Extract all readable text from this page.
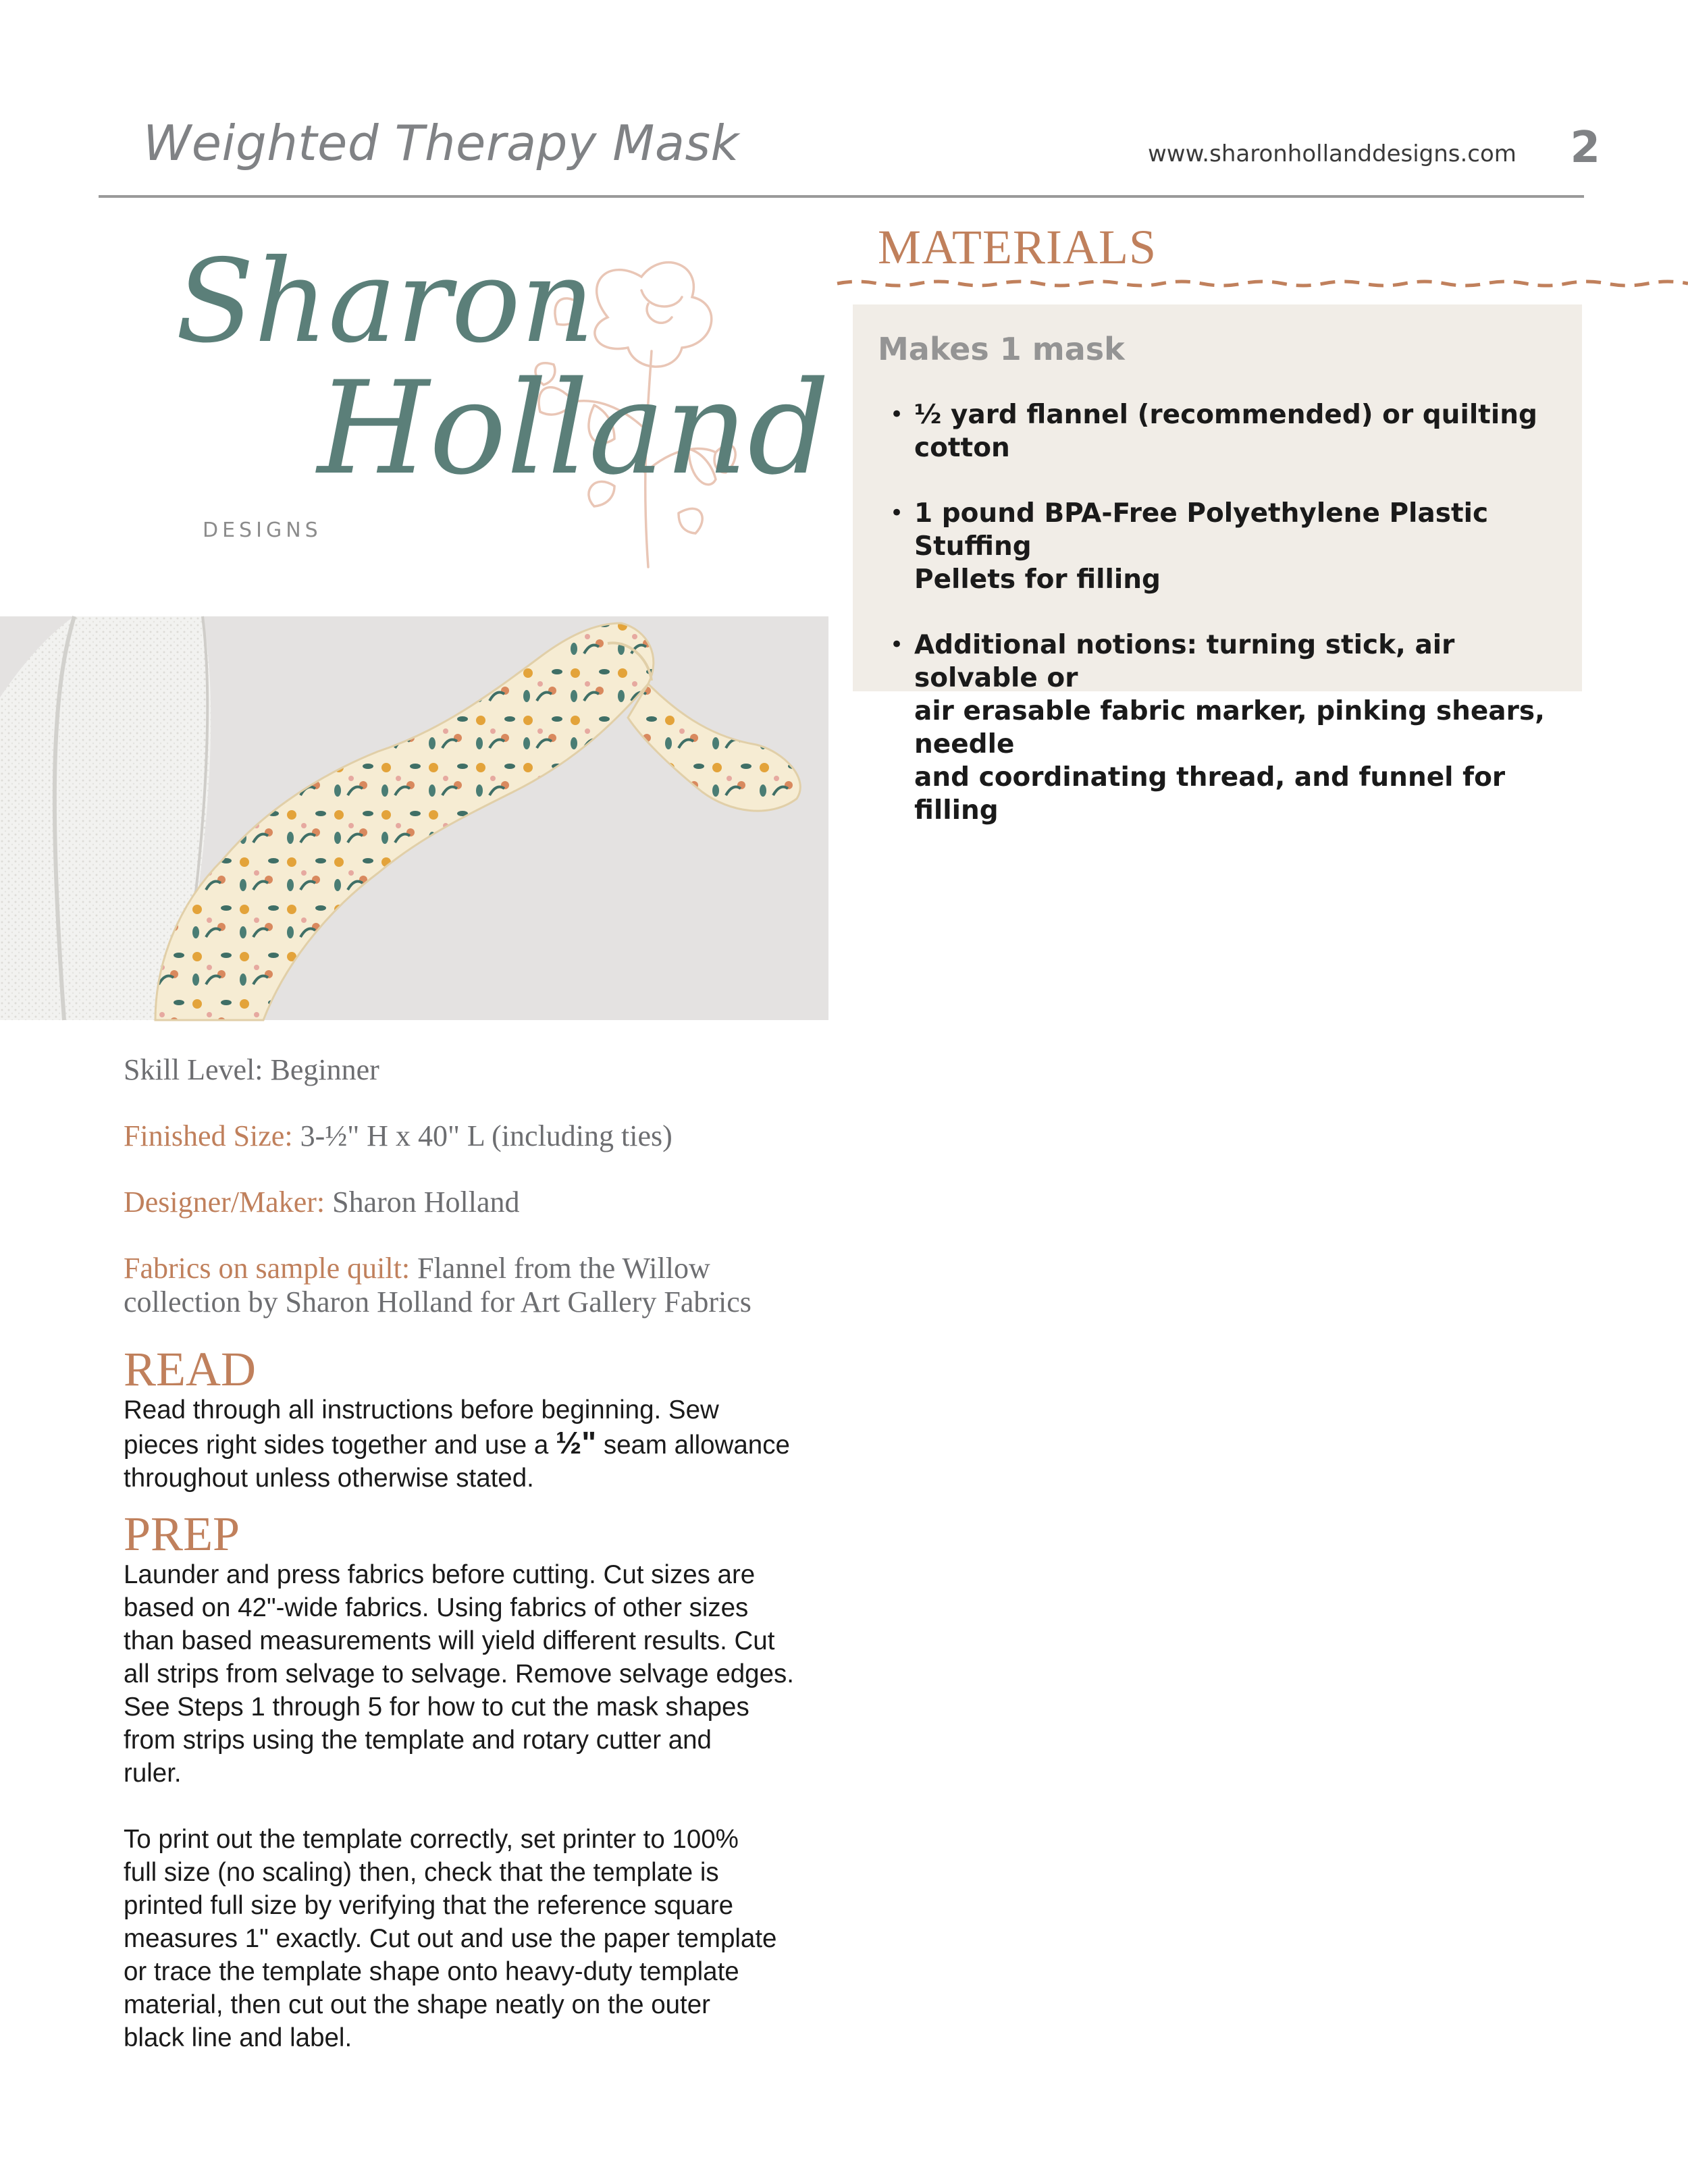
Weighted Therapy Mask	www.sharonhollanddesigns.com	2
Sharon
Holland
DESIGNS
MATERIALS
Makes 1 mask
• ½ yard flannel (recommended) or quilting cotton
• 1 pound BPA-Free Polyethylene Plastic Stuffing
Pellets for filling
• Additional notions: turning stick, air solvable or
air erasable fabric marker, pinking shears, needle
and coordinating thread, and funnel for filling
Skill Level: Beginner
Finished Size: 3-½" H x 40" L (including ties)
Designer/Maker: Sharon Holland
Fabrics on sample quilt: Flannel from the Willow
collection by Sharon Holland for Art Gallery Fabrics
READ
Read through all instructions before beginning. Sew
pieces right sides together and use a ½" seam allowance
throughout unless otherwise stated.
PREP
Launder and press fabrics before cutting. Cut sizes are
based on 42"-wide fabrics. Using fabrics of other sizes
than based measurements will yield different results. Cut
all strips from selvage to selvage. Remove selvage edges.
See Steps 1 through 5 for how to cut the mask shapes
from strips using the template and rotary cutter and
ruler.
To print out the template correctly, set printer to 100%
full size (no scaling) then, check that the template is
printed full size by verifying that the reference square
measures 1" exactly. Cut out and use the paper template
or trace the template shape onto heavy-duty template
material, then cut out the shape neatly on the outer
black line and label.
